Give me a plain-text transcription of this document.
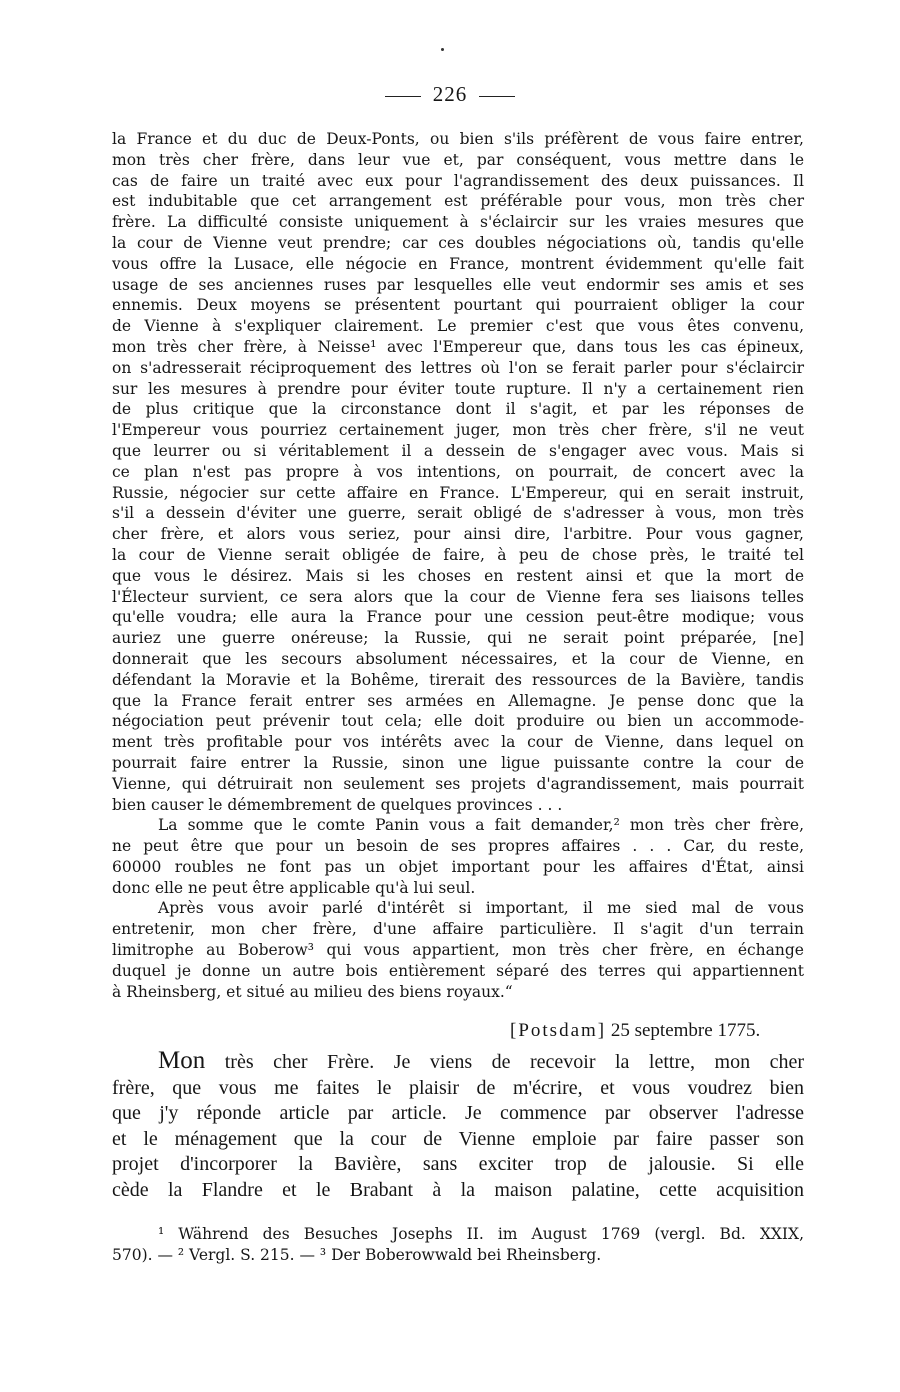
226
la France et du duc de Deux-Ponts, ou bien s'ils préfèrent de vous faire entrer,
mon très cher frère, dans leur vue et, par conséquent, vous mettre dans le
cas de faire un traité avec eux pour l'agrandissement des deux puissances. Il
est indubitable que cet arrangement est préférable pour vous, mon très cher
frère. La difficulté consiste uniquement à s'éclaircir sur les vraies mesures que
la cour de Vienne veut prendre; car ces doubles négociations où, tandis qu'elle
vous offre la Lusace, elle négocie en France, montrent évidemment qu'elle fait
usage de ses anciennes ruses par lesquelles elle veut endormir ses amis et ses
ennemis. Deux moyens se présentent pourtant qui pourraient obliger la cour
de Vienne à s'expliquer clairement. Le premier c'est que vous êtes convenu,
mon très cher frère, à Neisse¹ avec l'Empereur que, dans tous les cas épineux,
on s'adresserait réciproquement des lettres où l'on se ferait parler pour s'éclaircir
sur les mesures à prendre pour éviter toute rupture. Il n'y a certainement rien
de plus critique que la circonstance dont il s'agit, et par les réponses de
l'Empereur vous pourriez certainement juger, mon très cher frère, s'il ne veut
que leurrer ou si véritablement il a dessein de s'engager avec vous. Mais si
ce plan n'est pas propre à vos intentions, on pourrait, de concert avec la
Russie, négocier sur cette affaire en France. L'Empereur, qui en serait instruit,
s'il a dessein d'éviter une guerre, serait obligé de s'adresser à vous, mon très
cher frère, et alors vous seriez, pour ainsi dire, l'arbitre. Pour vous gagner,
la cour de Vienne serait obligée de faire, à peu de chose près, le traité tel
que vous le désirez. Mais si les choses en restent ainsi et que la mort de
l'Électeur survient, ce sera alors que la cour de Vienne fera ses liaisons telles
qu'elle voudra; elle aura la France pour une cession peut-être modique; vous
auriez une guerre onéreuse; la Russie, qui ne serait point préparée, [ne]
donnerait que les secours absolument nécessaires, et la cour de Vienne, en
défendant la Moravie et la Bohême, tirerait des ressources de la Bavière, tandis
que la France ferait entrer ses armées en Allemagne. Je pense donc que la
négociation peut prévenir tout cela; elle doit produire ou bien un accommode-
ment très profitable pour vos intérêts avec la cour de Vienne, dans lequel on
pourrait faire entrer la Russie, sinon une ligue puissante contre la cour de
Vienne, qui détruirait non seulement ses projets d'agrandissement, mais pourrait
bien causer le démembrement de quelques provinces . . .
La somme que le comte Panin vous a fait demander,² mon très cher frère,
ne peut être que pour un besoin de ses propres affaires . . . Car, du reste,
60000 roubles ne font pas un objet important pour les affaires d'État, ainsi
donc elle ne peut être applicable qu'à lui seul.
Après vous avoir parlé d'intérêt si important, il me sied mal de vous
entretenir, mon cher frère, d'une affaire particulière. Il s'agit d'un terrain
limitrophe au Boberow³ qui vous appartient, mon très cher frère, en échange
duquel je donne un autre bois entièrement séparé des terres qui appartiennent
à Rheinsberg, et situé au milieu des biens royaux.“
[Potsdam] 25 septembre 1775.
Mon très cher Frère. Je viens de recevoir la lettre, mon cher
frère, que vous me faites le plaisir de m'écrire, et vous voudrez bien
que j'y réponde article par article. Je commence par observer l'adresse
et le ménagement que la cour de Vienne emploie par faire passer son
projet d'incorporer la Bavière, sans exciter trop de jalousie. Si elle
cède la Flandre et le Brabant à la maison palatine, cette acquisition
¹ Während des Besuches Josephs II. im August 1769 (vergl. Bd. XXIX,
570). — ² Vergl. S. 215. — ³ Der Boberowwald bei Rheinsberg.
